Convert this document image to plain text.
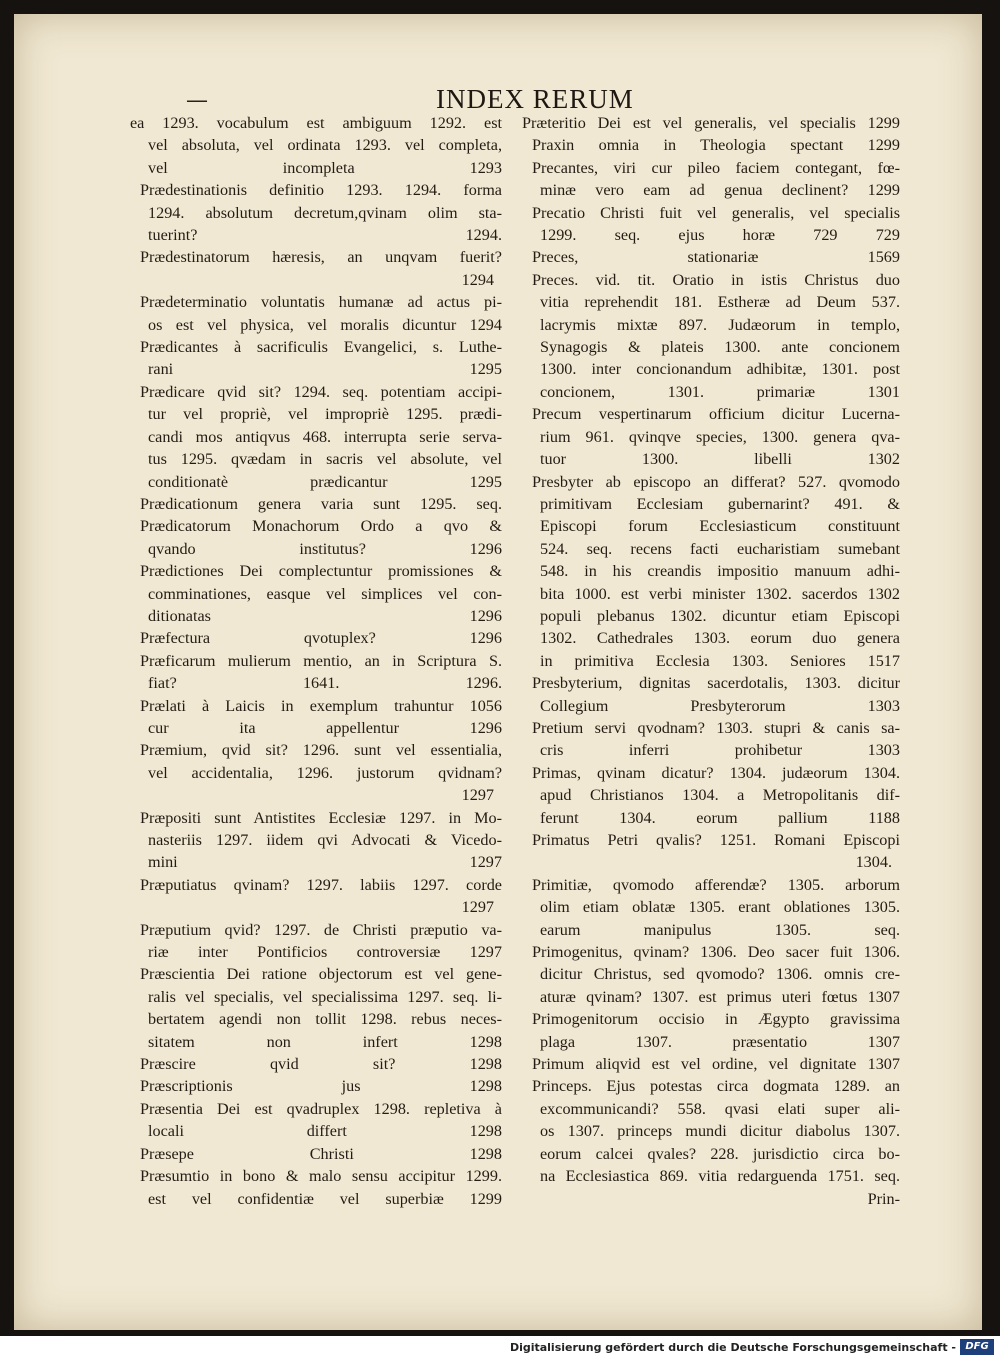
—	INDEX RERUM
ea 1293. vocabulum est ambiguum 1292. est
vel absoluta, vel ordinata 1293. vel completa,
vel incompleta 1293
Prædestinationis definitio 1293. 1294. forma
1294. absolutum decretum,qvinam olim sta-
tuerint? 1294.
Prædestinatorum hæresis, an unqvam fuerit?
1294
Prædeterminatio voluntatis humanæ ad actus pi-
os est vel physica, vel moralis dicuntur 1294
Prædicantes à sacrificulis Evangelici, s. Luthe-
rani 1295
Prædicare qvid sit? 1294. seq. potentiam accipi-
tur vel propriè, vel impropriè 1295. prædi-
candi mos antiqvus 468. interrupta serie serva-
tus 1295. qvædam in sacris vel absolute, vel
conditionatè prædicantur 1295
Prædicationum genera varia sunt 1295. seq.
Prædicatorum Monachorum Ordo a qvo &
qvando institutus? 1296
Prædictiones Dei complectuntur promissiones &
comminationes, easque vel simplices vel con-
ditionatas 1296
Præfectura qvotuplex? 1296
Præficarum mulierum mentio, an in Scriptura S.
fiat? 1641. 1296.
Prælati à Laicis in exemplum trahuntur 1056
cur ita appellentur 1296
Præmium, qvid sit? 1296. sunt vel essentialia,
vel accidentalia, 1296. justorum qvidnam?
1297
Præpositi sunt Antistites Ecclesiæ 1297. in Mo-
nasteriis 1297. iidem qvi Advocati & Vicedo-
mini 1297
Præputiatus qvinam? 1297. labiis 1297. corde
1297
Præputium qvid? 1297. de Christi præputio va-
riæ inter Pontificios controversiæ 1297
Præscientia Dei ratione objectorum est vel gene-
ralis vel specialis, vel specialissima 1297. seq. li-
bertatem agendi non tollit 1298. rebus neces-
sitatem non infert 1298
Præscire qvid sit? 1298
Præscriptionis jus 1298
Præsentia Dei est qvadruplex 1298. repletiva à
locali differt 1298
Præsepe Christi 1298
Præsumtio in bono & malo sensu accipitur 1299.
est vel confidentiæ vel superbiæ 1299
Præteritio Dei est vel generalis, vel specialis 1299
Praxin omnia in Theologia spectant 1299
Precantes, viri cur pileo faciem contegant, fœ-
minæ vero eam ad genua declinent? 1299
Precatio Christi fuit vel generalis, vel specialis
1299. seq. ejus horæ 729 729
Preces, stationariæ 1569
Preces. vid. tit. Oratio in istis Christus duo
vitia reprehendit 181. Estheræ ad Deum 537.
lacrymis mixtæ 897. Judæorum in templo,
Synagogis & plateis 1300. ante concionem
1300. inter concionandum adhibitæ, 1301. post
concionem, 1301. primariæ 1301
Precum vespertinarum officium dicitur Lucerna-
rium 961. qvinqve species, 1300. genera qva-
tuor 1300. libelli 1302
Presbyter ab episcopo an differat? 527. qvomodo
primitivam Ecclesiam gubernarint? 491. &
Episcopi forum Ecclesiasticum constituunt
524. seq. recens facti eucharistiam sumebant
548. in his creandis impositio manuum adhi-
bita 1000. est verbi minister 1302. sacerdos 1302
populi plebanus 1302. dicuntur etiam Episcopi
1302. Cathedrales 1303. eorum duo genera
in primitiva Ecclesia 1303. Seniores 1517
Presbyterium, dignitas sacerdotalis, 1303. dicitur
Collegium Presbyterorum 1303
Pretium servi qvodnam? 1303. stupri & canis sa-
cris inferri prohibetur 1303
Primas, qvinam dicatur? 1304. judæorum 1304.
apud Christianos 1304. a Metropolitanis dif-
ferunt 1304. eorum pallium 1188
Primatus Petri qvalis? 1251. Romani Episcopi
1304.
Primitiæ, qvomodo afferendæ? 1305. arborum
olim etiam oblatæ 1305. erant oblationes 1305.
earum manipulus 1305. seq.
Primogenitus, qvinam? 1306. Deo sacer fuit 1306.
dicitur Christus, sed qvomodo? 1306. omnis cre-
aturæ qvinam? 1307. est primus uteri fœtus 1307
Primogenitorum occisio in Ægypto gravissima
plaga 1307. præsentatio 1307
Primum aliqvid est vel ordine, vel dignitate 1307
Princeps. Ejus potestas circa dogmata 1289. an
excommunicandi? 558. qvasi elati super ali-
os 1307. princeps mundi dicitur diabolus 1307.
eorum calcei qvales? 228. jurisdictio circa bo-
na Ecclesiastica 869. vitia redarguenda 1751. seq.
Prin-
Digitalisierung gefördert durch die Deutsche Forschungsgemeinschaft - DFG
